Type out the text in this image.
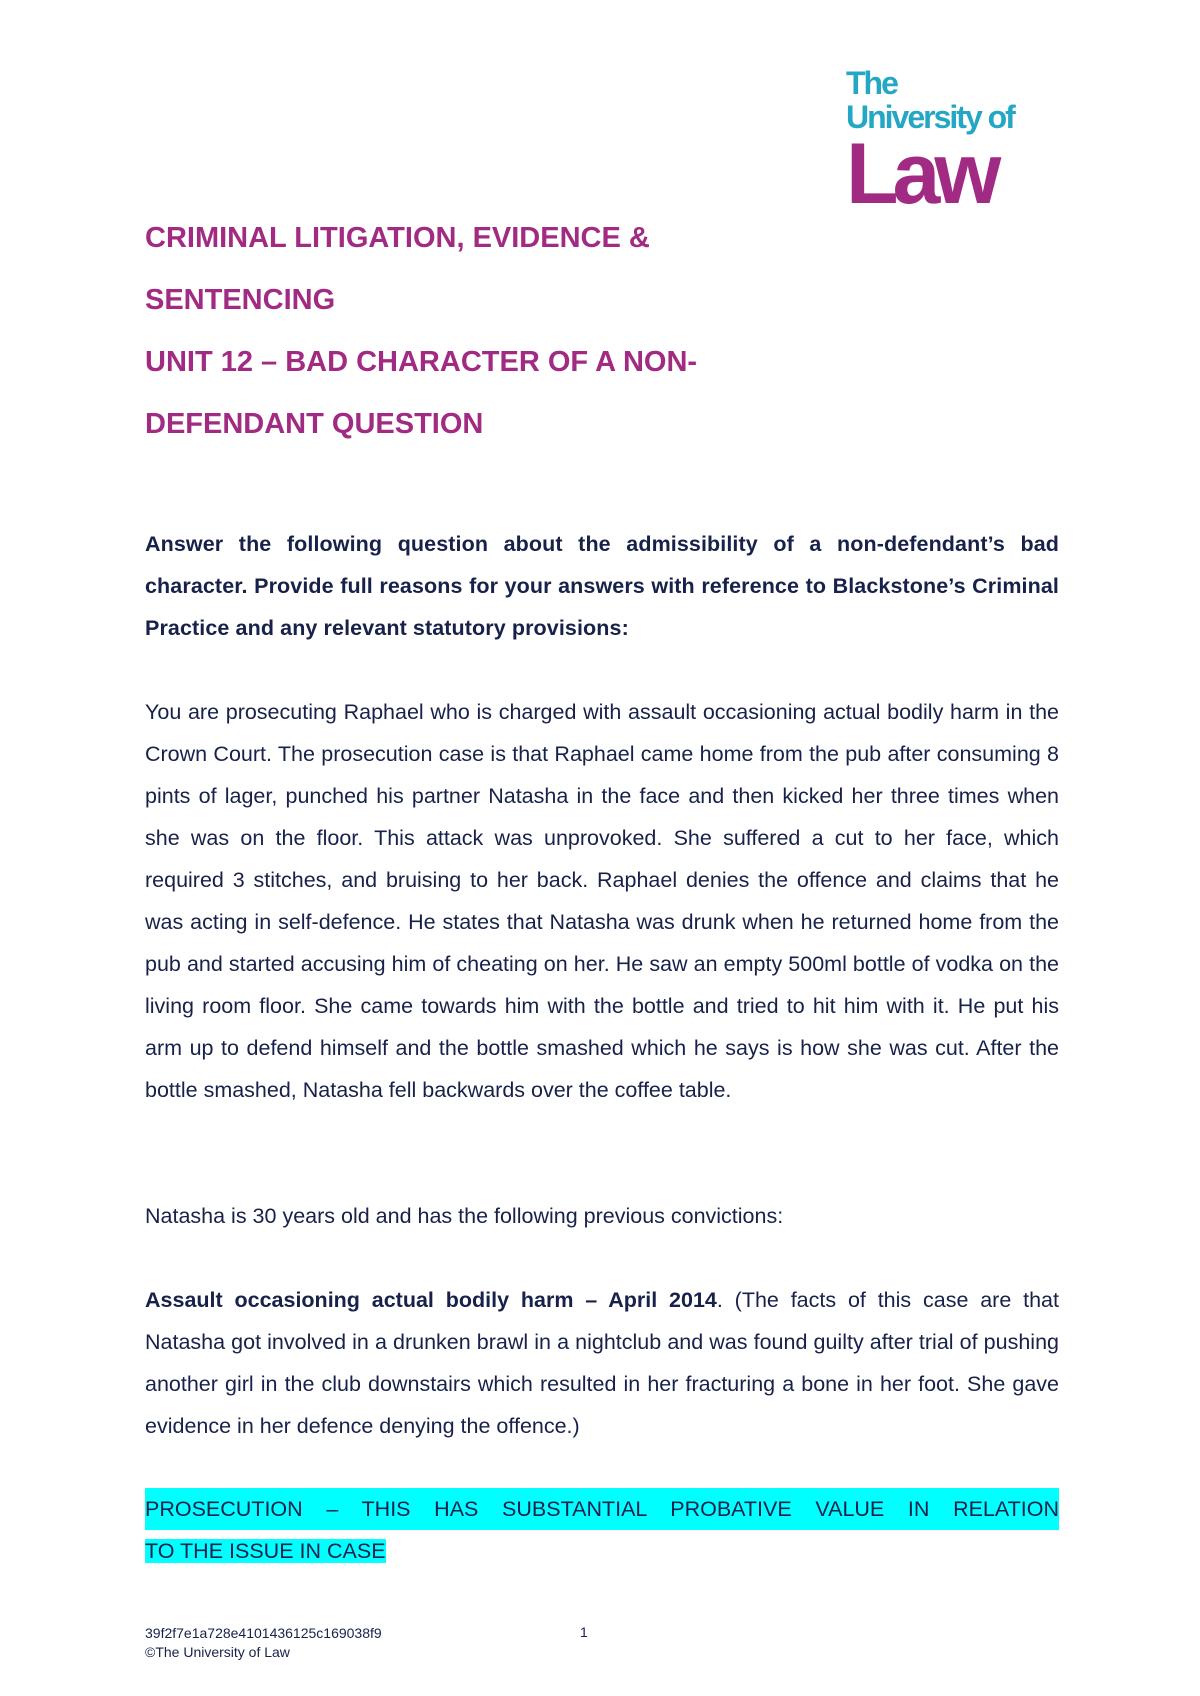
The
University of
Law
CRIMINAL LITIGATION, EVIDENCE &
SENTENCING
UNIT 12 – BAD CHARACTER OF A NON-
DEFENDANT QUESTION
Answer the following question about the admissibility of a non-defendant’s bad character. Provide full reasons for your answers with reference to Blackstone’s Criminal Practice and any relevant statutory provisions:
You are prosecuting Raphael who is charged with assault occasioning actual bodily harm in the Crown Court. The prosecution case is that Raphael came home from the pub after consuming 8 pints of lager, punched his partner Natasha in the face and then kicked her three times when she was on the floor. This attack was unprovoked. She suffered a cut to her face, which required 3 stitches, and bruising to her back. Raphael denies the offence and claims that he was acting in self-defence. He states that Natasha was drunk when he returned home from the pub and started accusing him of cheating on her. He saw an empty 500ml bottle of vodka on the living room floor. She came towards him with the bottle and tried to hit him with it. He put his arm up to defend himself and the bottle smashed which he says is how she was cut. After the bottle smashed, Natasha fell backwards over the coffee table.
Natasha is 30 years old and has the following previous convictions:
Assault occasioning actual bodily harm – April 2014. (The facts of this case are that Natasha got involved in a drunken brawl in a nightclub and was found guilty after trial of pushing another girl in the club downstairs which resulted in her fracturing a bone in her foot. She gave evidence in her defence denying the offence.)
PROSECUTION – THIS HAS SUBSTANTIAL PROBATIVE VALUE IN RELATION
TO THE ISSUE IN CASE
39f2f7e1a728e4101436125c169038f9
©The University of Law
1
